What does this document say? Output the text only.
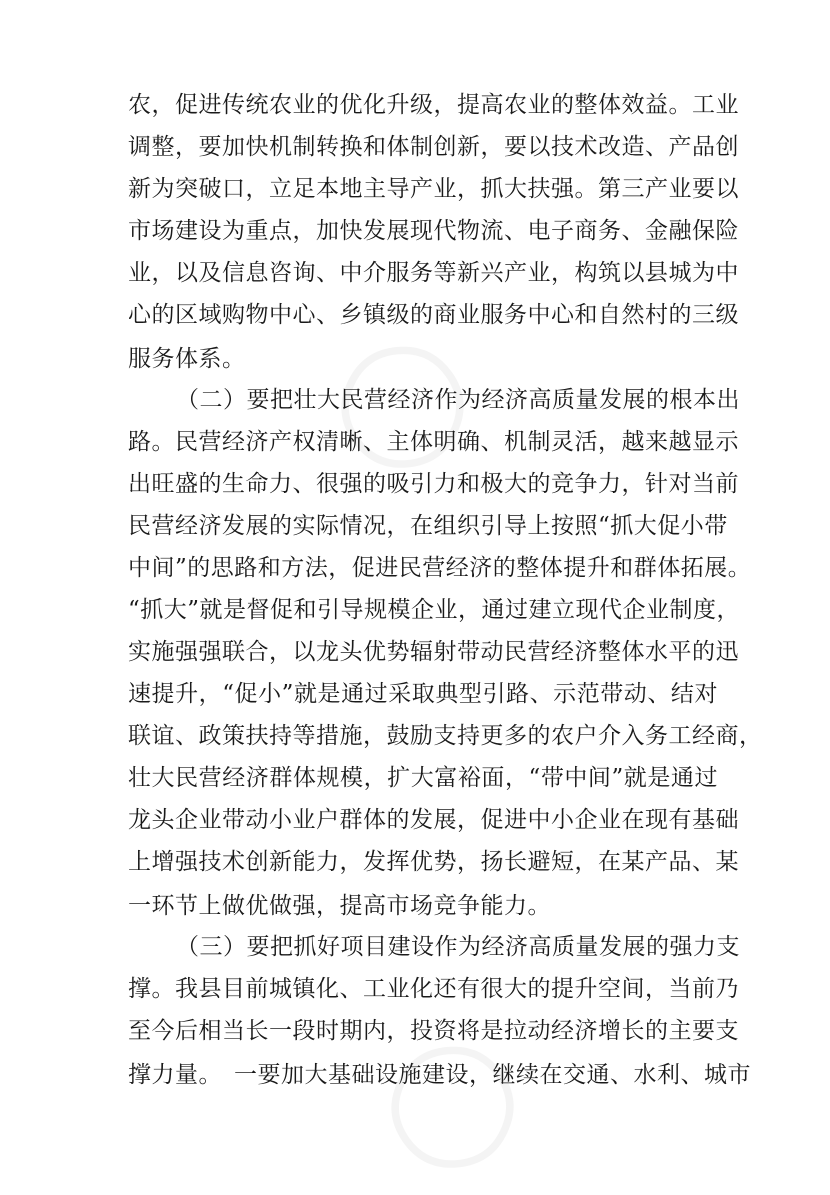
农，促进传统农业的优化升级，提高农业的整体效益。工业
调整，要加快机制转换和体制创新，要以技术改造、产品创
新为突破口，立足本地主导产业，抓大扶强。第三产业要以
市场建设为重点，加快发展现代物流、电子商务、金融保险
业，以及信息咨询、中介服务等新兴产业，构筑以县城为中
心的区域购物中心、乡镇级的商业服务中心和自然村的三级
服务体系。
（二）要把壮大民营经济作为经济高质量发展的根本出
路。民营经济产权清晰、主体明确、机制灵活，越来越显示
出旺盛的生命力、很强的吸引力和极大的竞争力，针对当前
民营经济发展的实际情况，在组织引导上按照“抓大促小带
中间”的思路和方法，促进民营经济的整体提升和群体拓展。
“抓大”就是督促和引导规模企业，通过建立现代企业制度，
实施强强联合，以龙头优势辐射带动民营经济整体水平的迅
速提升，“促小”就是通过采取典型引路、示范带动、结对
联谊、政策扶持等措施，鼓励支持更多的农户介入务工经商，
壮大民营经济群体规模，扩大富裕面，“带中间”就是通过
龙头企业带动小业户群体的发展，促进中小企业在现有基础
上增强技术创新能力，发挥优势，扬长避短，在某产品、某
一环节上做优做强，提高市场竞争能力。
（三）要把抓好项目建设作为经济高质量发展的强力支
撑。我县目前城镇化、工业化还有很大的提升空间，当前乃
至今后相当长一段时期内，投资将是拉动经济增长的主要支
撑力量。　一要加大基础设施建设，继续在交通、水利、城市
